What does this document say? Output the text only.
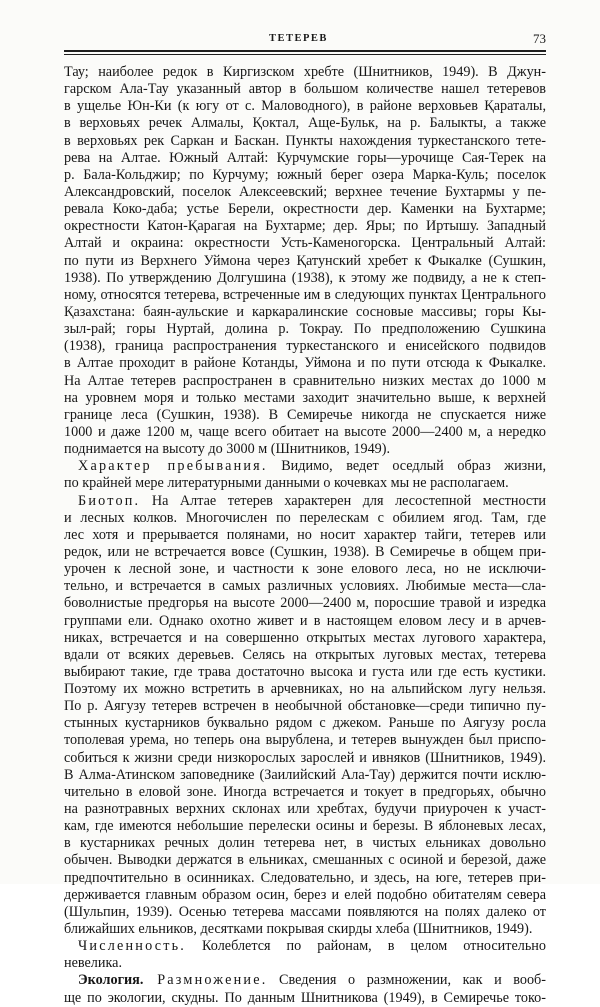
ТЕТЕРЕВ	73
Тау; наиболее редок в Киргизском хребте (Шнитников, 1949). В Джун-
гарском Ала-Тау указанный автор в большом количестве нашел тетеревов
в ущелье Юн-Ки (к югу от с. Маловодного), в районе верховьев Қараталы,
в верховьях речек Алмалы, Қоктал, Аще-Бульк, на р. Балыкты, а также
в верховьях рек Саркан и Баскан. Пункты нахождения туркестанского тете-
рева на Алтае. Южный Алтай: Курчумские горы—урочище Сая-Терек на
р. Бала-Кольджир; по Курчуму; южный берег озера Марка-Куль; поселок
Александровский, поселок Алексеевский; верхнее течение Бухтармы у пе-
ревала Коко-даба; устье Берели, окрестности дер. Каменки на Бухтарме;
окрестности Катон-Қарагая на Бухтарме; дер. Яры; по Иртышу. Западный
Алтай и окраина: окрестности Усть-Каменогорска. Центральный Алтай:
по пути из Верхнего Уймона через Қатунский хребет к Фыкалке (Сушкин,
1938). По утверждению Долгушина (1938), к этому же подвиду, а не к степ-
ному, относятся тетерева, встреченные им в следующих пунктах Центрального
Қазахстана: баян-аульские и каркаралинские сосновые массивы; горы Кы-
зыл-рай; горы Нуртай, долина р. Токрау. По предположению Сушкина
(1938), граница распространения туркестанского и енисейского подвидов
в Алтае проходит в районе Котанды, Уймона и по пути отсюда к Фыкалке.
На Алтае тетерев распространен в сравнительно низких местах до 1000 м
на уровнем моря и только местами заходит значительно выше, к верхней
границе леса (Сушкин, 1938). В Семиречье никогда не спускается ниже
1000 и даже 1200 м, чаще всего обитает на высоте 2000—2400 м, а нередко
поднимается на высоту до 3000 м (Шнитников, 1949).
Характер пребывания. Видимо, ведет оседлый образ жизни,
по крайней мере литературными данными о кочевках мы не располагаем.
Биотоп. На Алтае тетерев характерен для лесостепной местности
и лесных колков. Многочислен по перелескам с обилием ягод. Там, где
лес хотя и прерывается полянами, но носит характер тайги, тетерев или
редок, или не встречается вовсе (Сушкин, 1938). В Семиречье в общем при-
урочен к лесной зоне, и частности к зоне елового леса, но не исключи-
тельно, и встречается в самых различных условиях. Любимые места—сла-
боволнистые предгорья на высоте 2000—2400 м, поросшие травой и изредка
группами ели. Однако охотно живет и в настоящем еловом лесу и в арчев-
никах, встречается и на совершенно открытых местах лугового характера,
вдали от всяких деревьев. Селясь на открытых луговых местах, тетерева
выбирают такие, где трава достаточно высока и густа или где есть кустики.
Поэтому их можно встретить в арчевниках, но на альпийском лугу нельзя.
По р. Аягузу тетерев встречен в необычной обстановке—среди типично пу-
стынных кустарников буквально рядом с джеком. Раньше по Аягузу росла
тополевая урема, но теперь она вырублена, и тетерев вынужден был приспо-
собиться к жизни среди низкорослых зарослей и ивняков (Шнитников, 1949).
В Алма-Атинском заповеднике (Заилийский Ала-Тау) держится почти исклю-
чительно в еловой зоне. Иногда встречается и токует в предгорьях, обычно
на разнотравных верхних склонах или хребтах, будучи приурочен к участ-
кам, где имеются небольшие перелески осины и березы. В яблоневых лесах,
в кустарниках речных долин тетерева нет, в чистых ельниках довольно
обычен. Выводки держатся в ельниках, смешанных с осиной и березой, даже
предпочтительно в осинниках. Следовательно, и здесь, на юге, тетерев при-
держивается главным образом осин, берез и елей подобно обитателям севера
(Шульпин, 1939). Осенью тетерева массами появляются на полях далеко от
ближайших ельников, десятками покрывая скирды хлеба (Шнитников, 1949).
Численность. Колеблется по районам, в целом относительно
невелика.
Экология. Размножение. Сведения о размножении, как и вооб-
ще по экологии, скудны. По данным Шнитникова (1949), в Семиречье токо-
